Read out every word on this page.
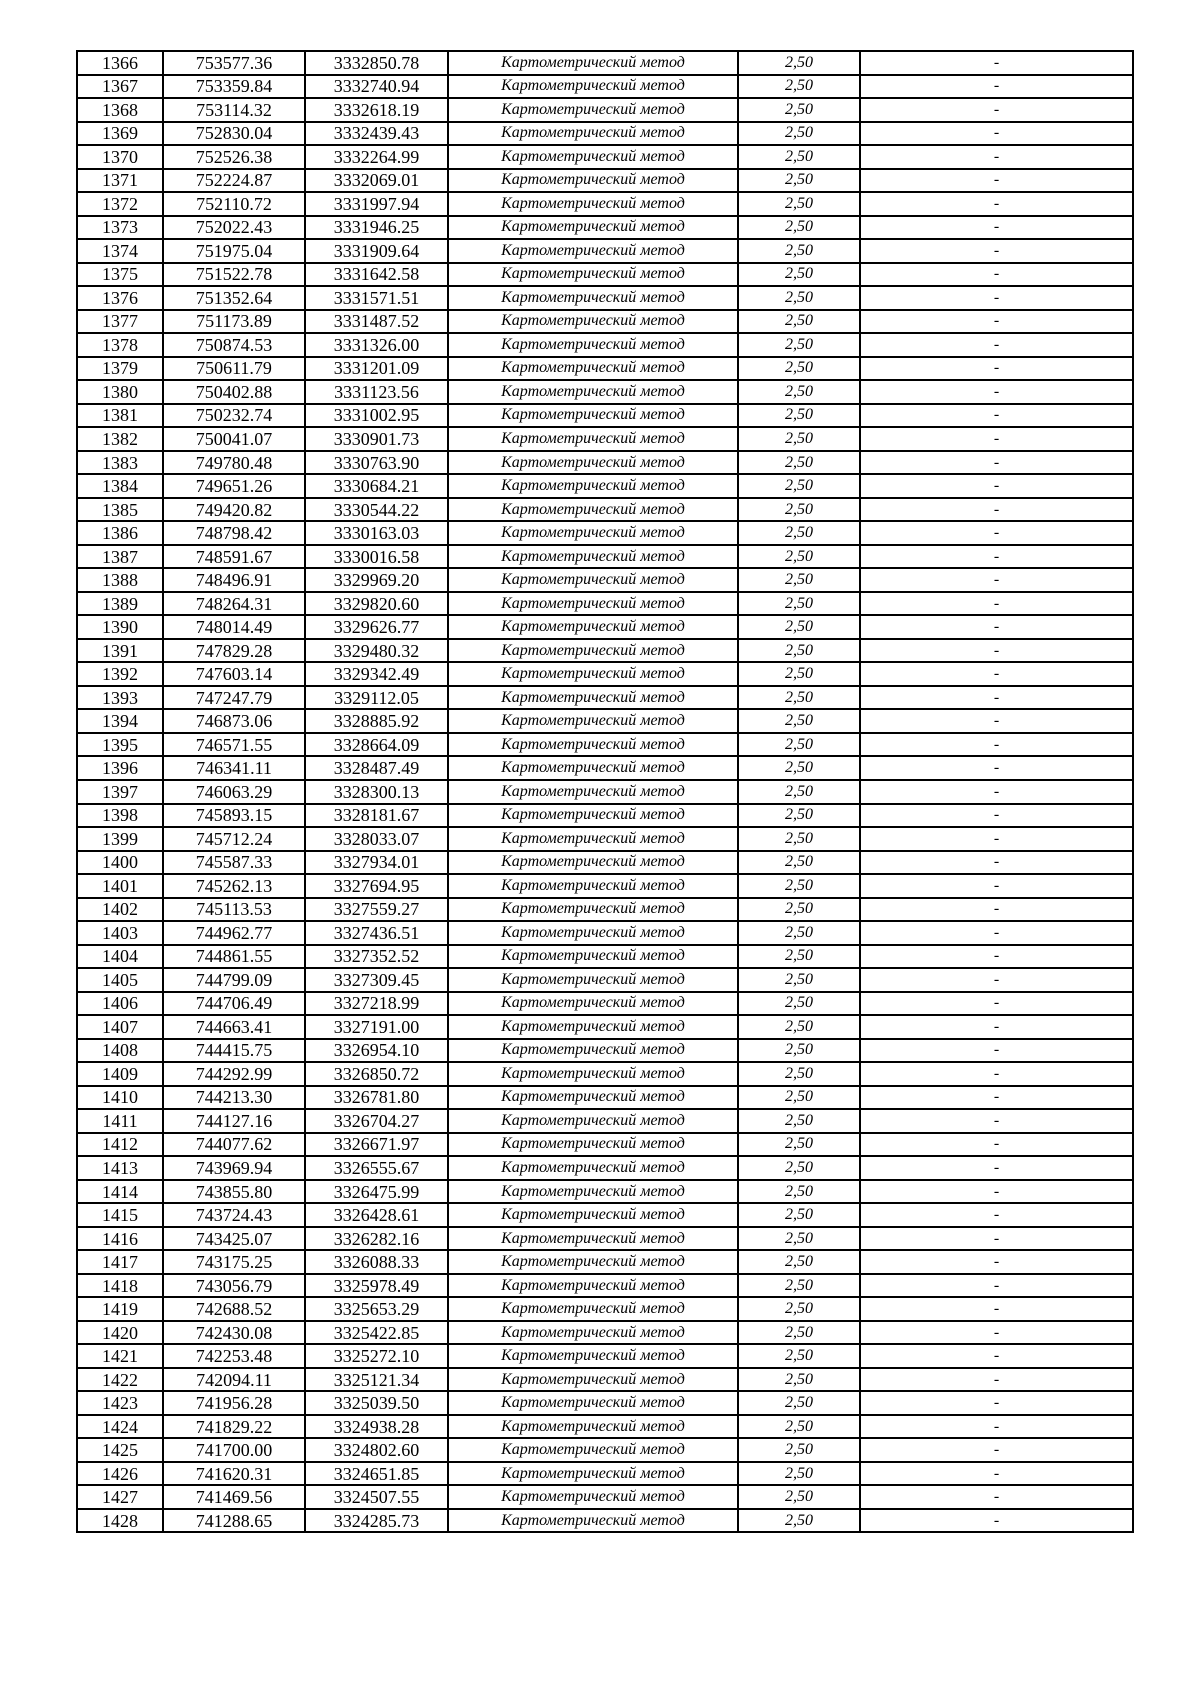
1366	753577.36	3332850.78	Картометрический метод	2,50	-
1367	753359.84	3332740.94	Картометрический метод	2,50	-
1368	753114.32	3332618.19	Картометрический метод	2,50	-
1369	752830.04	3332439.43	Картометрический метод	2,50	-
1370	752526.38	3332264.99	Картометрический метод	2,50	-
1371	752224.87	3332069.01	Картометрический метод	2,50	-
1372	752110.72	3331997.94	Картометрический метод	2,50	-
1373	752022.43	3331946.25	Картометрический метод	2,50	-
1374	751975.04	3331909.64	Картометрический метод	2,50	-
1375	751522.78	3331642.58	Картометрический метод	2,50	-
1376	751352.64	3331571.51	Картометрический метод	2,50	-
1377	751173.89	3331487.52	Картометрический метод	2,50	-
1378	750874.53	3331326.00	Картометрический метод	2,50	-
1379	750611.79	3331201.09	Картометрический метод	2,50	-
1380	750402.88	3331123.56	Картометрический метод	2,50	-
1381	750232.74	3331002.95	Картометрический метод	2,50	-
1382	750041.07	3330901.73	Картометрический метод	2,50	-
1383	749780.48	3330763.90	Картометрический метод	2,50	-
1384	749651.26	3330684.21	Картометрический метод	2,50	-
1385	749420.82	3330544.22	Картометрический метод	2,50	-
1386	748798.42	3330163.03	Картометрический метод	2,50	-
1387	748591.67	3330016.58	Картометрический метод	2,50	-
1388	748496.91	3329969.20	Картометрический метод	2,50	-
1389	748264.31	3329820.60	Картометрический метод	2,50	-
1390	748014.49	3329626.77	Картометрический метод	2,50	-
1391	747829.28	3329480.32	Картометрический метод	2,50	-
1392	747603.14	3329342.49	Картометрический метод	2,50	-
1393	747247.79	3329112.05	Картометрический метод	2,50	-
1394	746873.06	3328885.92	Картометрический метод	2,50	-
1395	746571.55	3328664.09	Картометрический метод	2,50	-
1396	746341.11	3328487.49	Картометрический метод	2,50	-
1397	746063.29	3328300.13	Картометрический метод	2,50	-
1398	745893.15	3328181.67	Картометрический метод	2,50	-
1399	745712.24	3328033.07	Картометрический метод	2,50	-
1400	745587.33	3327934.01	Картометрический метод	2,50	-
1401	745262.13	3327694.95	Картометрический метод	2,50	-
1402	745113.53	3327559.27	Картометрический метод	2,50	-
1403	744962.77	3327436.51	Картометрический метод	2,50	-
1404	744861.55	3327352.52	Картометрический метод	2,50	-
1405	744799.09	3327309.45	Картометрический метод	2,50	-
1406	744706.49	3327218.99	Картометрический метод	2,50	-
1407	744663.41	3327191.00	Картометрический метод	2,50	-
1408	744415.75	3326954.10	Картометрический метод	2,50	-
1409	744292.99	3326850.72	Картометрический метод	2,50	-
1410	744213.30	3326781.80	Картометрический метод	2,50	-
1411	744127.16	3326704.27	Картометрический метод	2,50	-
1412	744077.62	3326671.97	Картометрический метод	2,50	-
1413	743969.94	3326555.67	Картометрический метод	2,50	-
1414	743855.80	3326475.99	Картометрический метод	2,50	-
1415	743724.43	3326428.61	Картометрический метод	2,50	-
1416	743425.07	3326282.16	Картометрический метод	2,50	-
1417	743175.25	3326088.33	Картометрический метод	2,50	-
1418	743056.79	3325978.49	Картометрический метод	2,50	-
1419	742688.52	3325653.29	Картометрический метод	2,50	-
1420	742430.08	3325422.85	Картометрический метод	2,50	-
1421	742253.48	3325272.10	Картометрический метод	2,50	-
1422	742094.11	3325121.34	Картометрический метод	2,50	-
1423	741956.28	3325039.50	Картометрический метод	2,50	-
1424	741829.22	3324938.28	Картометрический метод	2,50	-
1425	741700.00	3324802.60	Картометрический метод	2,50	-
1426	741620.31	3324651.85	Картометрический метод	2,50	-
1427	741469.56	3324507.55	Картометрический метод	2,50	-
1428	741288.65	3324285.73	Картометрический метод	2,50	-
